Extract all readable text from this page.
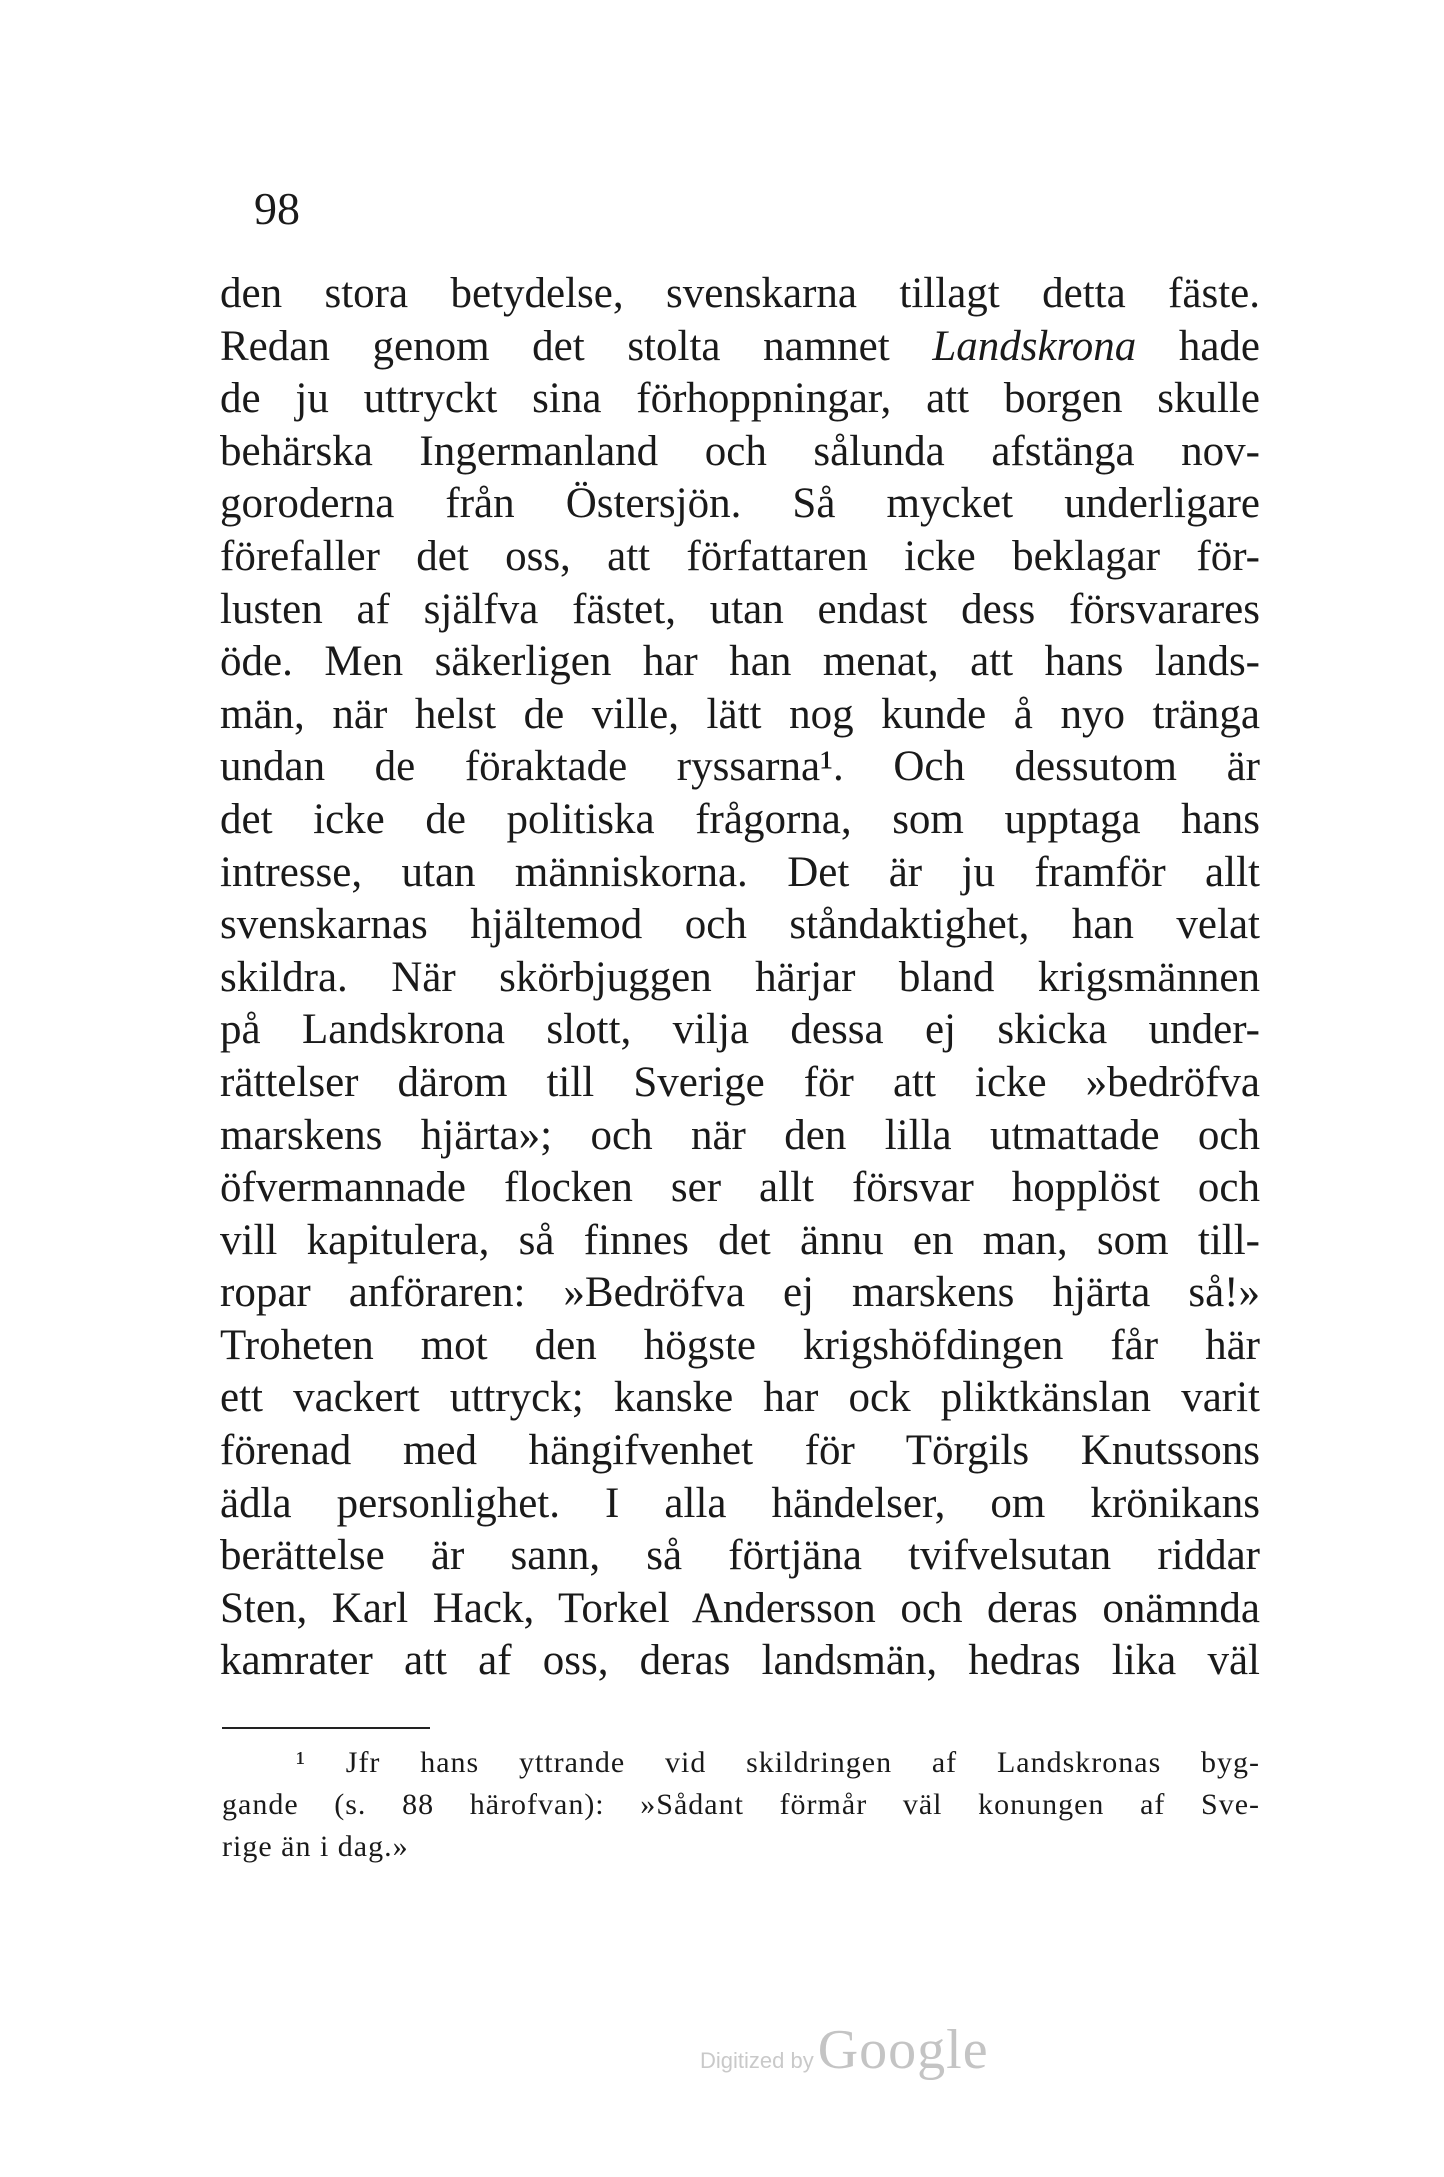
98
den stora betydelse, svenskarna tillagt detta fäste.
Redan genom det stolta namnet Landskrona hade
de ju uttryckt sina förhoppningar, att borgen skulle
behärska Ingermanland och sålunda afstänga nov-
goroderna från Östersjön. Så mycket underligare
förefaller det oss, att författaren icke beklagar för-
lusten af själfva fästet, utan endast dess försvarares
öde. Men säkerligen har han menat, att hans lands-
män, när helst de ville, lätt nog kunde å nyo tränga
undan de föraktade ryssarna¹. Och dessutom är
det icke de politiska frågorna, som upptaga hans
intresse, utan människorna. Det är ju framför allt
svenskarnas hjältemod och ståndaktighet, han velat
skildra. När skörbjuggen härjar bland krigsmännen
på Landskrona slott, vilja dessa ej skicka under-
rättelser därom till Sverige för att icke »bedröfva
marskens hjärta»; och när den lilla utmattade och
öfvermannade flocken ser allt försvar hopplöst och
vill kapitulera, så finnes det ännu en man, som till-
ropar anföraren: »Bedröfva ej marskens hjärta så!»
Troheten mot den högste krigshöfdingen får här
ett vackert uttryck; kanske har ock pliktkänslan varit
förenad med hängifvenhet för Törgils Knutssons
ädla personlighet. I alla händelser, om krönikans
berättelse är sann, så förtjäna tvifvelsutan riddar
Sten, Karl Hack, Torkel Andersson och deras onämnda
kamrater att af oss, deras landsmän, hedras lika väl
¹ Jfr hans yttrande vid skildringen af Landskronas byg-
gande (s. 88 härofvan): »Sådant förmår väl konungen af Sve-
rige än i dag.»
Digitized by Google
